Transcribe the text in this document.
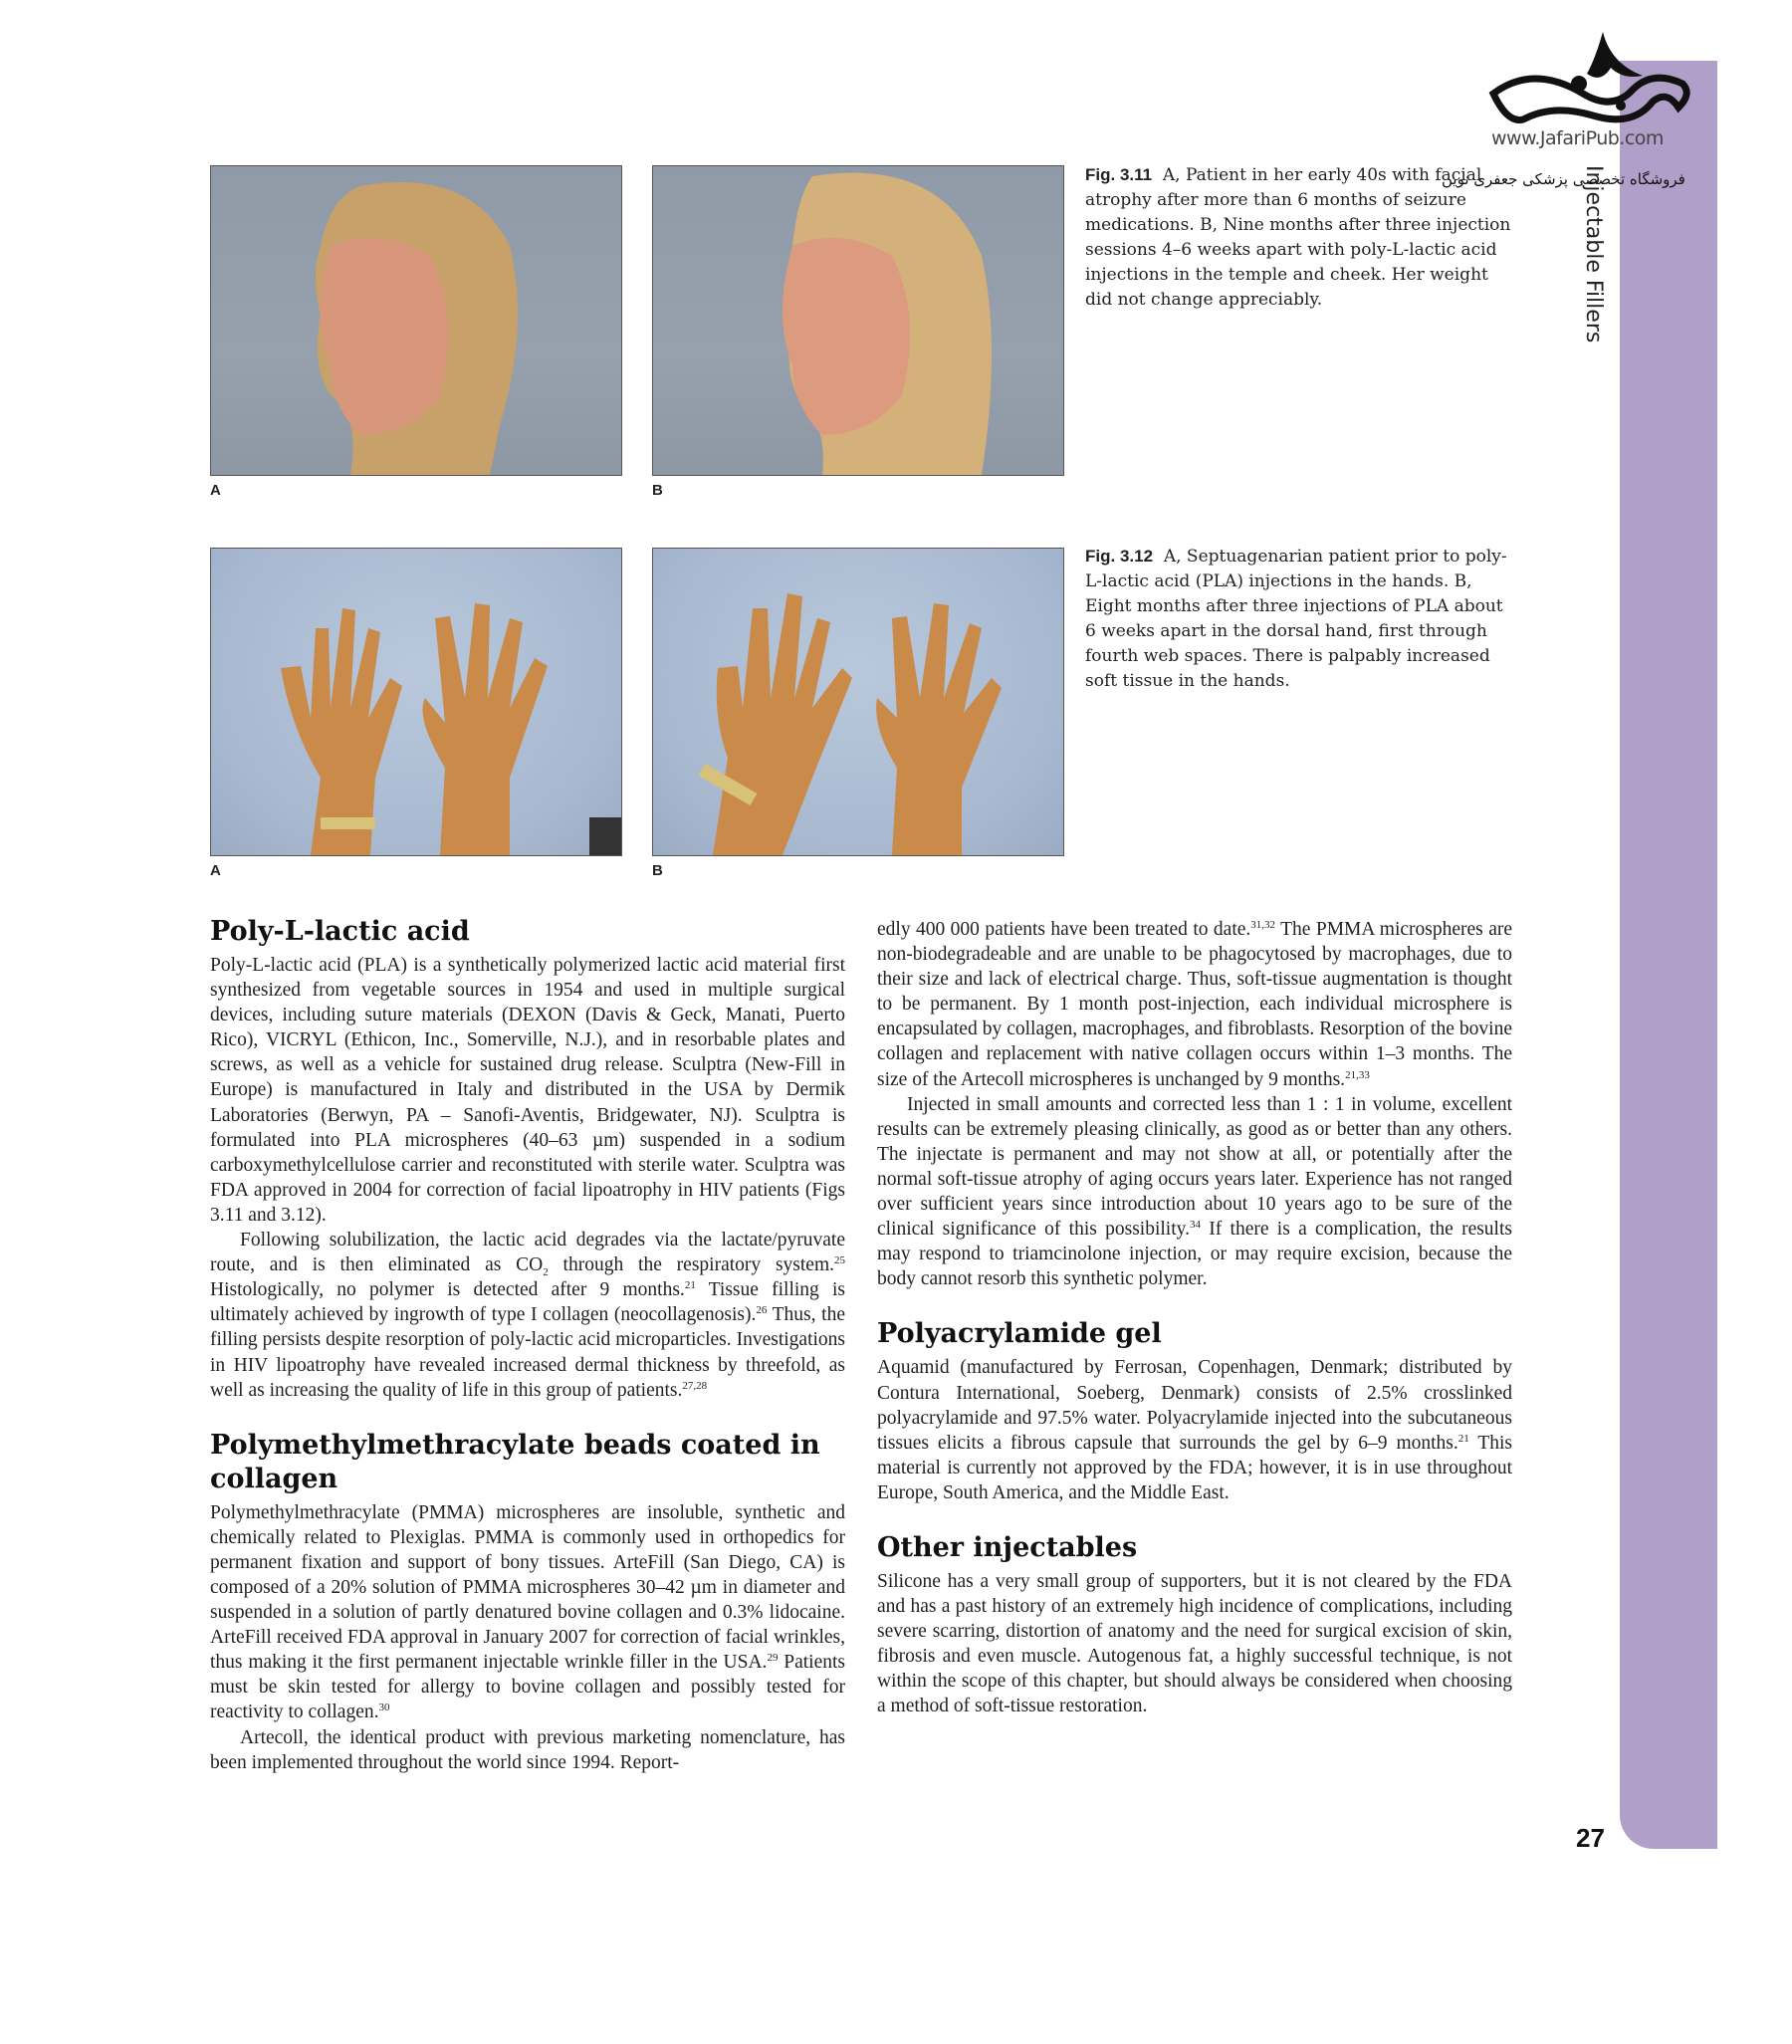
Injectable Fillers
27
www.JafariPub.com
فروشگاه تخصصی پزشکی جعفری نوین
A	B
Fig. 3.11 A, Patient in her early 40s with facial atrophy after more than 6 months of seizure medications. B, Nine months after three injection sessions 4–6 weeks apart with poly-L-lactic acid injections in the temple and cheek. Her weight did not change appreciably.
A	B
Fig. 3.12 A, Septuagenarian patient prior to poly-L-lactic acid (PLA) injections in the hands. B, Eight months after three injections of PLA about 6 weeks apart in the dorsal hand, first through fourth web spaces. There is palpably increased soft tissue in the hands.
Poly-L-lactic acid

Poly-L-lactic acid (PLA) is a synthetically polymerized lactic acid material first synthesized from vegetable sources in 1954 and used in multiple surgical devices, including suture materials (DEXON (Davis & Geck, Manati, Puerto Rico), VICRYL (Ethicon, Inc., Somerville, N.J.), and in resorbable plates and screws, as well as a vehicle for sustained drug release. Sculptra (New-Fill in Europe) is manufactured in Italy and distributed in the USA by Dermik Laboratories (Berwyn, PA – Sanofi-Aventis, Bridgewater, NJ). Sculptra is formulated into PLA microspheres (40–63 µm) suspended in a sodium carboxymethylcellulose carrier and reconstituted with sterile water. Sculptra was FDA approved in 2004 for correction of facial lipoatrophy in HIV patients (Figs 3.11 and 3.12).

Following solubilization, the lactic acid degrades via the lactate/pyruvate route, and is then eliminated as $CO_2$ through the respiratory system.$^{25}$ Histologically, no polymer is detected after 9 months.$^{21}$ Tissue filling is ultimately achieved by ingrowth of type I collagen (neocollagenosis).$^{26}$ Thus, the filling persists despite resorption of poly-lactic acid microparticles. Investigations in HIV lipoatrophy have revealed increased dermal thickness by threefold, as well as increasing the quality of life in this group of patients.$^{27,28}$

Polymethylmethracylate beads coated in collagen

Polymethylmethracylate (PMMA) microspheres are insoluble, synthetic and chemically related to Plexiglas. PMMA is commonly used in orthopedics for permanent fixation and support of bony tissues. ArteFill (San Diego, CA) is composed of a 20% solution of PMMA microspheres 30–42 µm in diameter and suspended in a solution of partly denatured bovine collagen and 0.3% lidocaine. ArteFill received FDA approval in January 2007 for correction of facial wrinkles, thus making it the first permanent injectable wrinkle filler in the USA.$^{29}$ Patients must be skin tested for allergy to bovine collagen and possibly tested for reactivity to collagen.$^{30}$

Artecoll, the identical product with previous marketing nomenclature, has been implemented throughout the world since 1994. Report-

edly 400 000 patients have been treated to date.$^{31,32}$ The PMMA microspheres are non-biodegradeable and are unable to be phagocytosed by macrophages, due to their size and lack of electrical charge. Thus, soft-tissue augmentation is thought to be permanent. By 1 month post-injection, each individual microsphere is encapsulated by collagen, macrophages, and fibroblasts. Resorption of the bovine collagen and replacement with native collagen occurs within 1–3 months. The size of the Artecoll microspheres is unchanged by 9 months.$^{21,33}$

Injected in small amounts and corrected less than 1 : 1 in volume, excellent results can be extremely pleasing clinically, as good as or better than any others. The injectate is permanent and may not show at all, or potentially after the normal soft-tissue atrophy of aging occurs years later. Experience has not ranged over sufficient years since introduction about 10 years ago to be sure of the clinical significance of this possibility.$^{34}$ If there is a complication, the results may respond to triamcinolone injection, or may require excision, because the body cannot resorb this synthetic polymer.

Polyacrylamide gel

Aquamid (manufactured by Ferrosan, Copenhagen, Denmark; distributed by Contura International, Soeberg, Denmark) consists of 2.5% crosslinked polyacrylamide and 97.5% water. Polyacrylamide injected into the subcutaneous tissues elicits a fibrous capsule that surrounds the gel by 6–9 months.$^{21}$ This material is currently not approved by the FDA; however, it is in use throughout Europe, South America, and the Middle East.

Other injectables

Silicone has a very small group of supporters, but it is not cleared by the FDA and has a past history of an extremely high incidence of complications, including severe scarring, distortion of anatomy and the need for surgical excision of skin, fibrosis and even muscle. Autogenous fat, a highly successful technique, is not within the scope of this chapter, but should always be considered when choosing a method of soft-tissue restoration.
